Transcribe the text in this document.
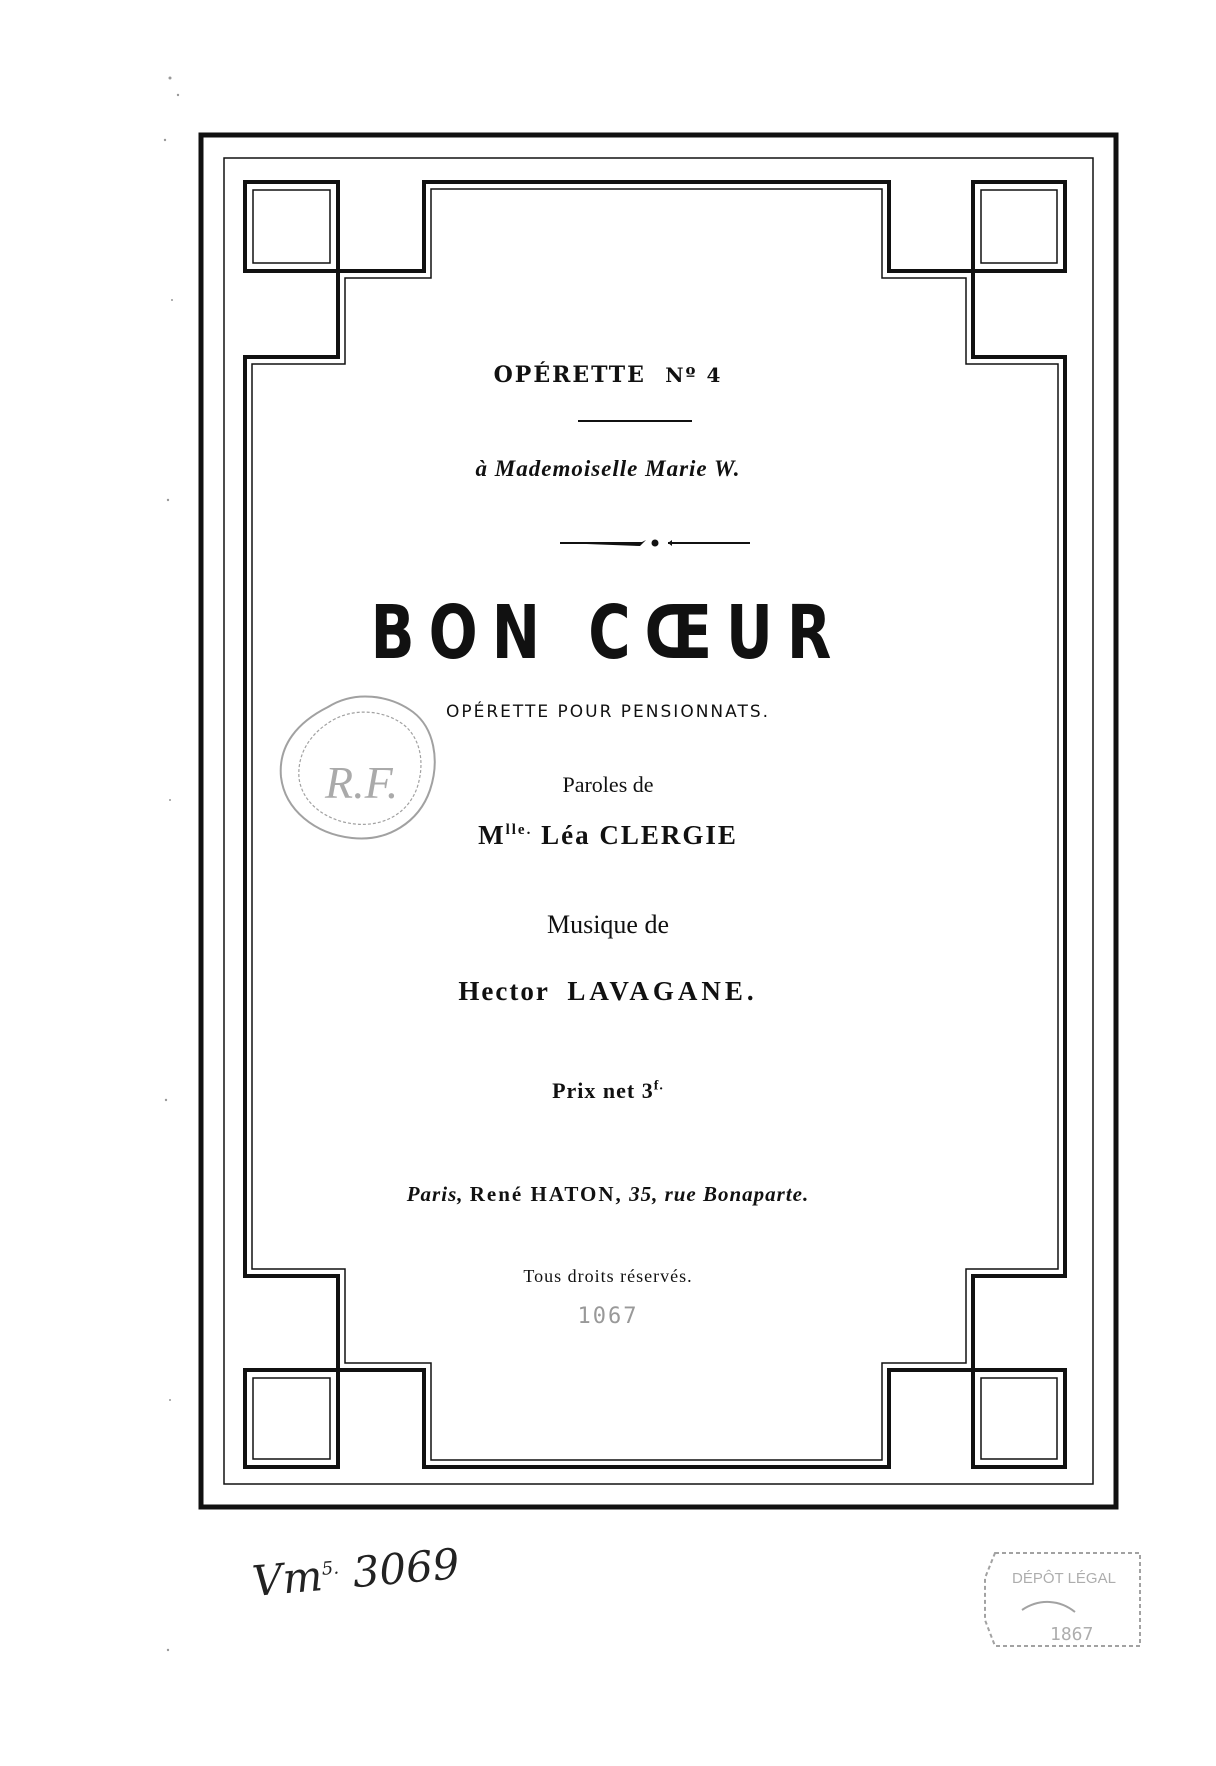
R.F.
DÉPÔT LÉGAL
1867
OPÉRETTE Nº 4
à Mademoiselle Marie W.
BON CŒUR
OPÉRETTE POUR PENSIONNATS.
Paroles de
$M^{lle.}$ Léa CLERGIE
Musique de
Hector LAVAGANE.
Prix net $3^{f.}$
Paris, René HATON, 35, rue Bonaparte.
Tous droits réservés.
1067
$Vm^{5.}$ 3069
